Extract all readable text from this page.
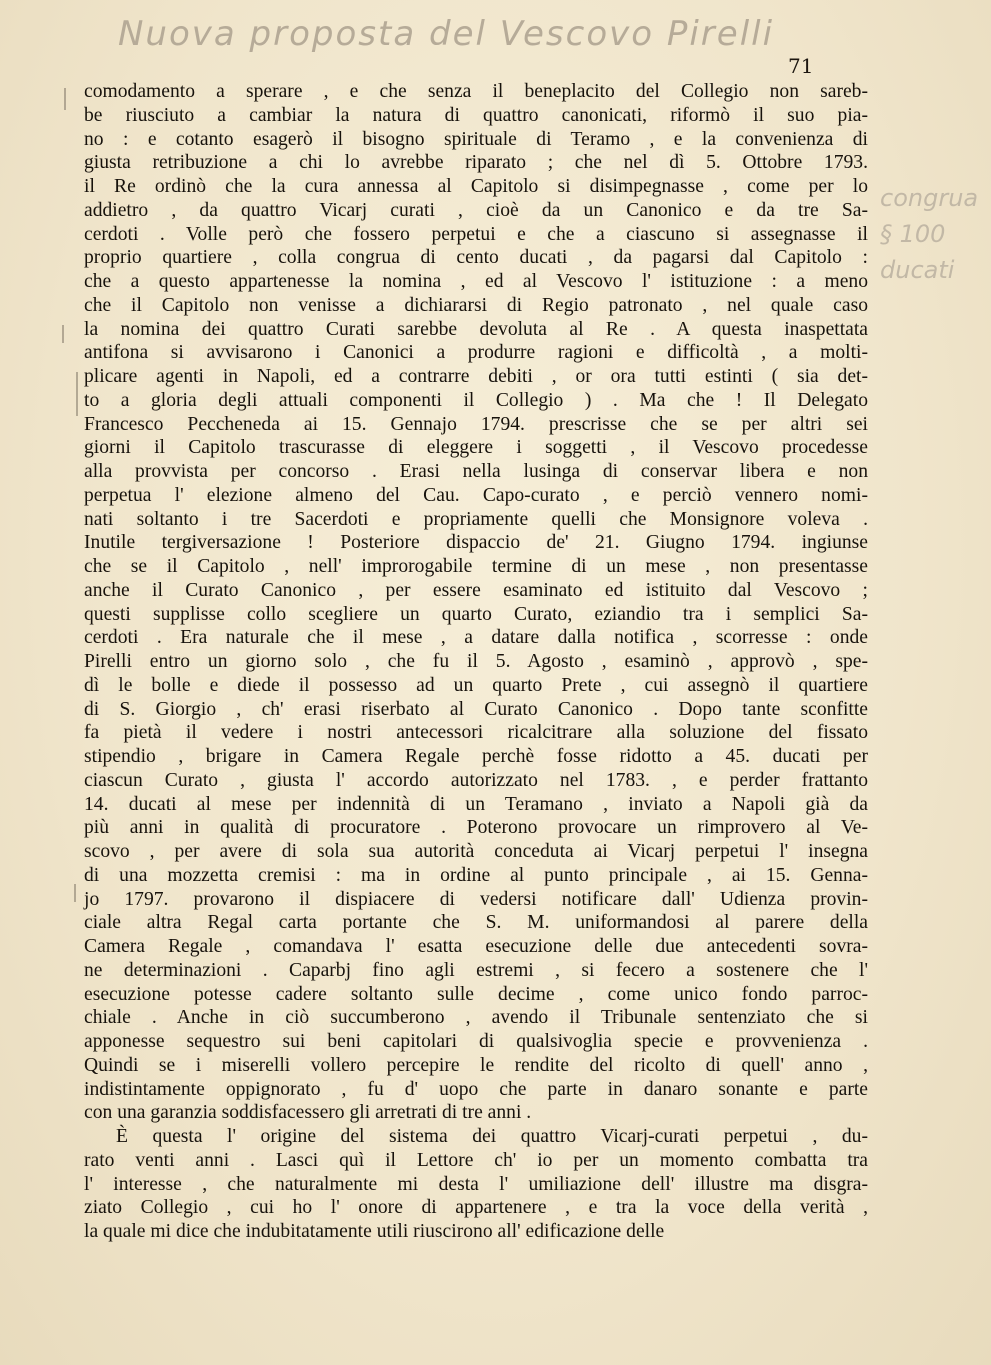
Nuova proposta del Vescovo Pirelli
71
congrua
§ 100
ducati
comodamento a sperare , e che senza il beneplacito del Collegio non sareb-
be riusciuto a cambiar la natura di quattro canonicati, riformò il suo pia-
no : e cotanto esagerò il bisogno spirituale di Teramo , e la convenienza di
giusta retribuzione a chi lo avrebbe riparato ; che nel dì 5. Ottobre 1793.
il Re ordinò che la cura annessa al Capitolo si disimpegnasse , come per lo
addietro , da quattro Vicarj curati , cioè da un Canonico e da tre Sa-
cerdoti . Volle però che fossero perpetui e che a ciascuno si assegnasse il
proprio quartiere , colla congrua di cento ducati , da pagarsi dal Capitolo :
che a questo appartenesse la nomina , ed al Vescovo l' istituzione : a meno
che il Capitolo non venisse a dichiararsi di Regio patronato , nel quale caso
la nomina dei quattro Curati sarebbe devoluta al Re . A questa inaspettata
antifona si avvisarono i Canonici a produrre ragioni e difficoltà , a molti-
plicare agenti in Napoli, ed a contrarre debiti , or ora tutti estinti ( sia det-
to a gloria degli attuali componenti il Collegio ) . Ma che ! Il Delegato
Francesco Peccheneda ai 15. Gennajo 1794. prescrisse che se per altri sei
giorni il Capitolo trascurasse di eleggere i soggetti , il Vescovo procedesse
alla provvista per concorso . Erasi nella lusinga di conservar libera e non
perpetua l' elezione almeno del Cau. Capo-curato , e perciò vennero nomi-
nati soltanto i tre Sacerdoti e propriamente quelli che Monsignore voleva .
Inutile tergiversazione ! Posteriore dispaccio de' 21. Giugno 1794. ingiunse
che se il Capitolo , nell' improrogabile termine di un mese , non presentasse
anche il Curato Canonico , per essere esaminato ed istituito dal Vescovo ;
questi supplisse collo scegliere un quarto Curato, eziandio tra i semplici Sa-
cerdoti . Era naturale che il mese , a datare dalla notifica , scorresse : onde
Pirelli entro un giorno solo , che fu il 5. Agosto , esaminò , approvò , spe-
dì le bolle e diede il possesso ad un quarto Prete , cui assegnò il quartiere
di S. Giorgio , ch' erasi riserbato al Curato Canonico . Dopo tante sconfitte
fa pietà il vedere i nostri antecessori ricalcitrare alla soluzione del fissato
stipendio , brigare in Camera Regale perchè fosse ridotto a 45. ducati per
ciascun Curato , giusta l' accordo autorizzato nel 1783. , e perder frattanto
14. ducati al mese per indennità di un Teramano , inviato a Napoli già da
più anni in qualità di procuratore . Poterono provocare un rimprovero al Ve-
scovo , per avere di sola sua autorità conceduta ai Vicarj perpetui l' insegna
di una mozzetta cremisi : ma in ordine al punto principale , ai 15. Genna-
jo 1797. provarono il dispiacere di vedersi notificare dall' Udienza provin-
ciale altra Regal carta portante che S. M. uniformandosi al parere della
Camera Regale , comandava l' esatta esecuzione delle due antecedenti sovra-
ne determinazioni . Caparbj fino agli estremi , si fecero a sostenere che l'
esecuzione potesse cadere soltanto sulle decime , come unico fondo parroc-
chiale . Anche in ciò succumberono , avendo il Tribunale sentenziato che si
apponesse sequestro sui beni capitolari di qualsivoglia specie e provvenienza .
Quindi se i miserelli vollero percepire le rendite del ricolto di quell' anno ,
indistintamente oppignorato , fu d' uopo che parte in danaro sonante e parte
con una garanzia soddisfacessero gli arretrati di tre anni .
È questa l' origine del sistema dei quattro Vicarj-curati perpetui , du-
rato venti anni . Lasci quì il Lettore ch' io per un momento combatta tra
l' interesse , che naturalmente mi desta l' umiliazione dell' illustre ma disgra-
ziato Collegio , cui ho l' onore di appartenere , e tra la voce della verità ,
la quale mi dice che indubitatamente utili riuscirono all' edificazione delle
